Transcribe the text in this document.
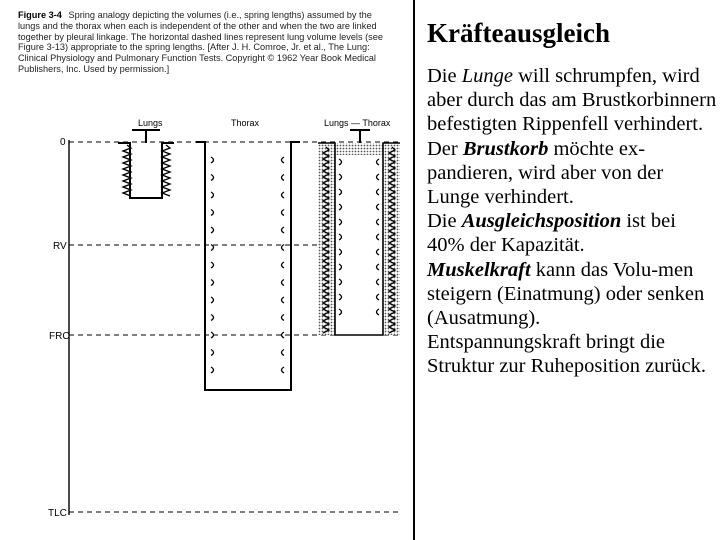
Figure 3-4 Spring analogy depicting the volumes (i.e., spring lengths) assumed by the lungs and the thorax when each is independent of the other and when the two are linked together by pleural linkage. The horizontal dashed lines represent lung volume levels (see Figure 3-13) appropriate to the spring lengths. [After J. H. Comroe, Jr. et al., The Lung: Clinical Physiology and Pulmonary Function Tests. Copyright © 1962 Year Book Medical Publishers, Inc. Used by permission.]
0
RV
FRC
TLC
Lungs	Thorax	Lungs — Thorax
Kräfteausgleich

Die Lunge will schrumpfen, wird aber durch das am Brustkorbinnern befestigten Rippenfell verhindert.

Der Brustkorb möchte ex-pandieren, wird aber von der Lunge verhindert.

Die Ausgleichsposition ist bei 40% der Kapazität.

Muskelkraft kann das Volu-men steigern (Einatmung) oder senken (Ausatmung).

Entspannungskraft bringt die Struktur zur Ruheposition zurück.
